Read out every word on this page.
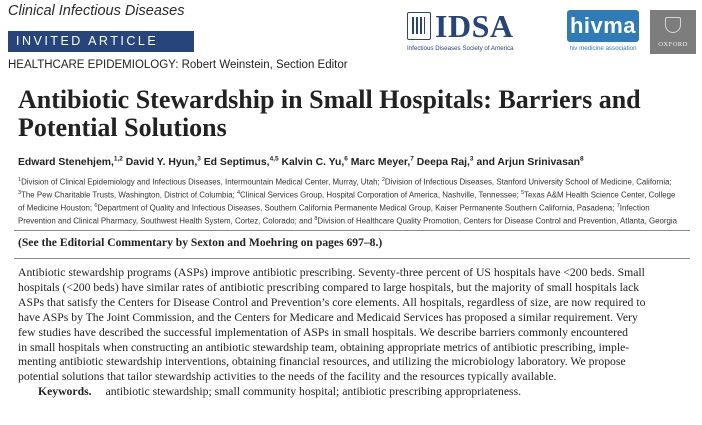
Clinical Infectious Diseases
INVITED ARTICLE
HEALTHCARE EPIDEMIOLOGY: Robert Weinstein, Section Editor
IDSA
Infectious Diseases Society of America
hivma
hiv medicine association
OXFORD
Antibiotic Stewardship in Small Hospitals: Barriers and
Potential Solutions
Edward Stenehjem,$^{1,2}$ David Y. Hyun,$^3$ Ed Septimus,$^{4,5}$ Kalvin C. Yu,$^6$ Marc Meyer,$^7$ Deepa Raj,$^3$ and Arjun Srinivasan$^8$
$^1$Division of Clinical Epidemiology and Infectious Diseases, Intermountain Medical Center, Murray, Utah; $^2$Division of Infectious Diseases, Stanford University School of Medicine, California; $^3$The Pew Charitable Trusts, Washington, District of Columbia; $^4$Clinical Services Group, Hospital Corporation of America, Nashville, Tennessee; $^5$Texas A&M Health Science Center, College of Medicine Houston; $^6$Department of Quality and Infectious Diseases, Southern California Permanente Medical Group, Kaiser Permanente Southern California, Pasadena; $^7$Infection Prevention and Clinical Pharmacy, Southwest Health System, Cortez, Colorado; and $^8$Division of Healthcare Quality Promotion, Centers for Disease Control and Prevention, Atlanta, Georgia
(See the Editorial Commentary by Sexton and Moehring on pages 697–8.)
Antibiotic stewardship programs (ASPs) improve antibiotic prescribing. Seventy-three percent of US hospitals have <200 beds. Small
hospitals (<200 beds) have similar rates of antibiotic prescribing compared to large hospitals, but the majority of small hospitals lack
ASPs that satisfy the Centers for Disease Control and Prevention’s core elements. All hospitals, regardless of size, are now required to
have ASPs by The Joint Commission, and the Centers for Medicare and Medicaid Services has proposed a similar requirement. Very
few studies have described the successful implementation of ASPs in small hospitals. We describe barriers commonly encountered
in small hospitals when constructing an antibiotic stewardship team, obtaining appropriate metrics of antibiotic prescribing, imple-
menting antibiotic stewardship interventions, obtaining financial resources, and utilizing the microbiology laboratory. We propose
potential solutions that tailor stewardship activities to the needs of the facility and the resources typically available.
Keywords. antibiotic stewardship; small community hospital; antibiotic prescribing appropriateness.
